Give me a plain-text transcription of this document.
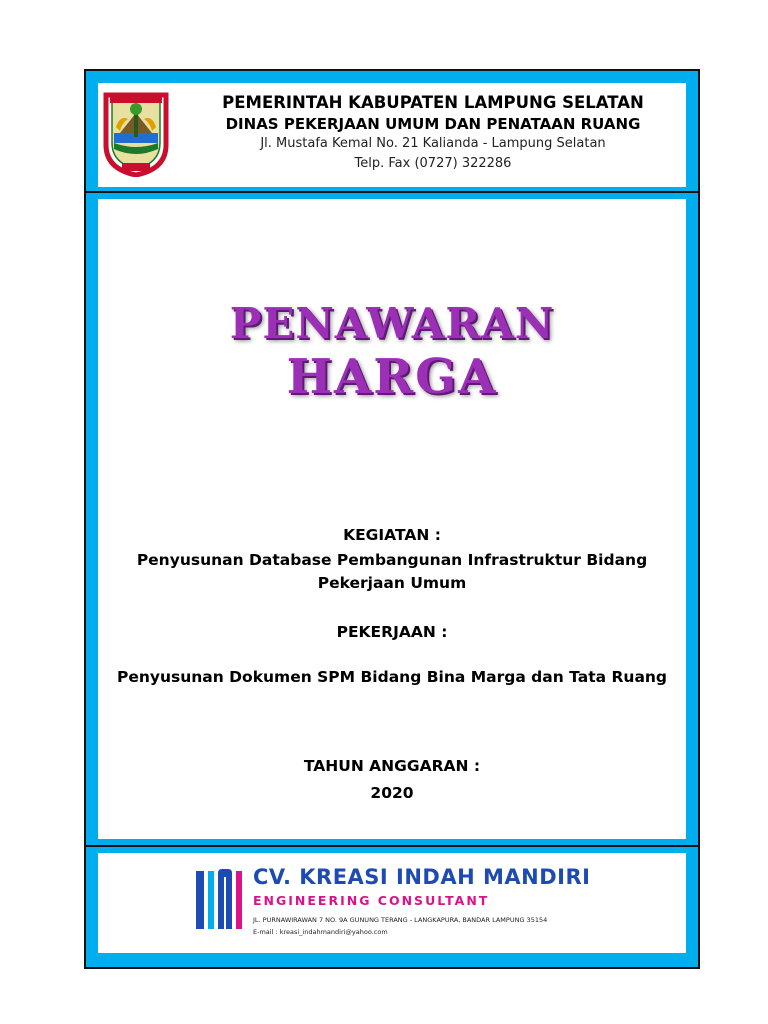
PEMERINTAH KABUPATEN LAMPUNG SELATAN
DINAS PEKERJAAN UMUM DAN PENATAAN RUANG
Jl. Mustafa Kemal No. 21 Kalianda - Lampung Selatan
Telp. Fax (0727) 322286
PENAWARAN
HARGA
KEGIATAN :
Penyusunan Database Pembangunan Infrastruktur Bidang
Pekerjaan Umum
PEKERJAAN :
Penyusunan Dokumen SPM Bidang Bina Marga dan Tata Ruang
TAHUN ANGGARAN :
2020
CV. KREASI INDAH MANDIRI
ENGINEERING CONSULTANT
JL. PURNAWIRAWAN 7 NO. 9A GUNUNG TERANG - LANGKAPURA, BANDAR LAMPUNG 35154
E-mail : kreasi_indahmandiri@yahoo.com
